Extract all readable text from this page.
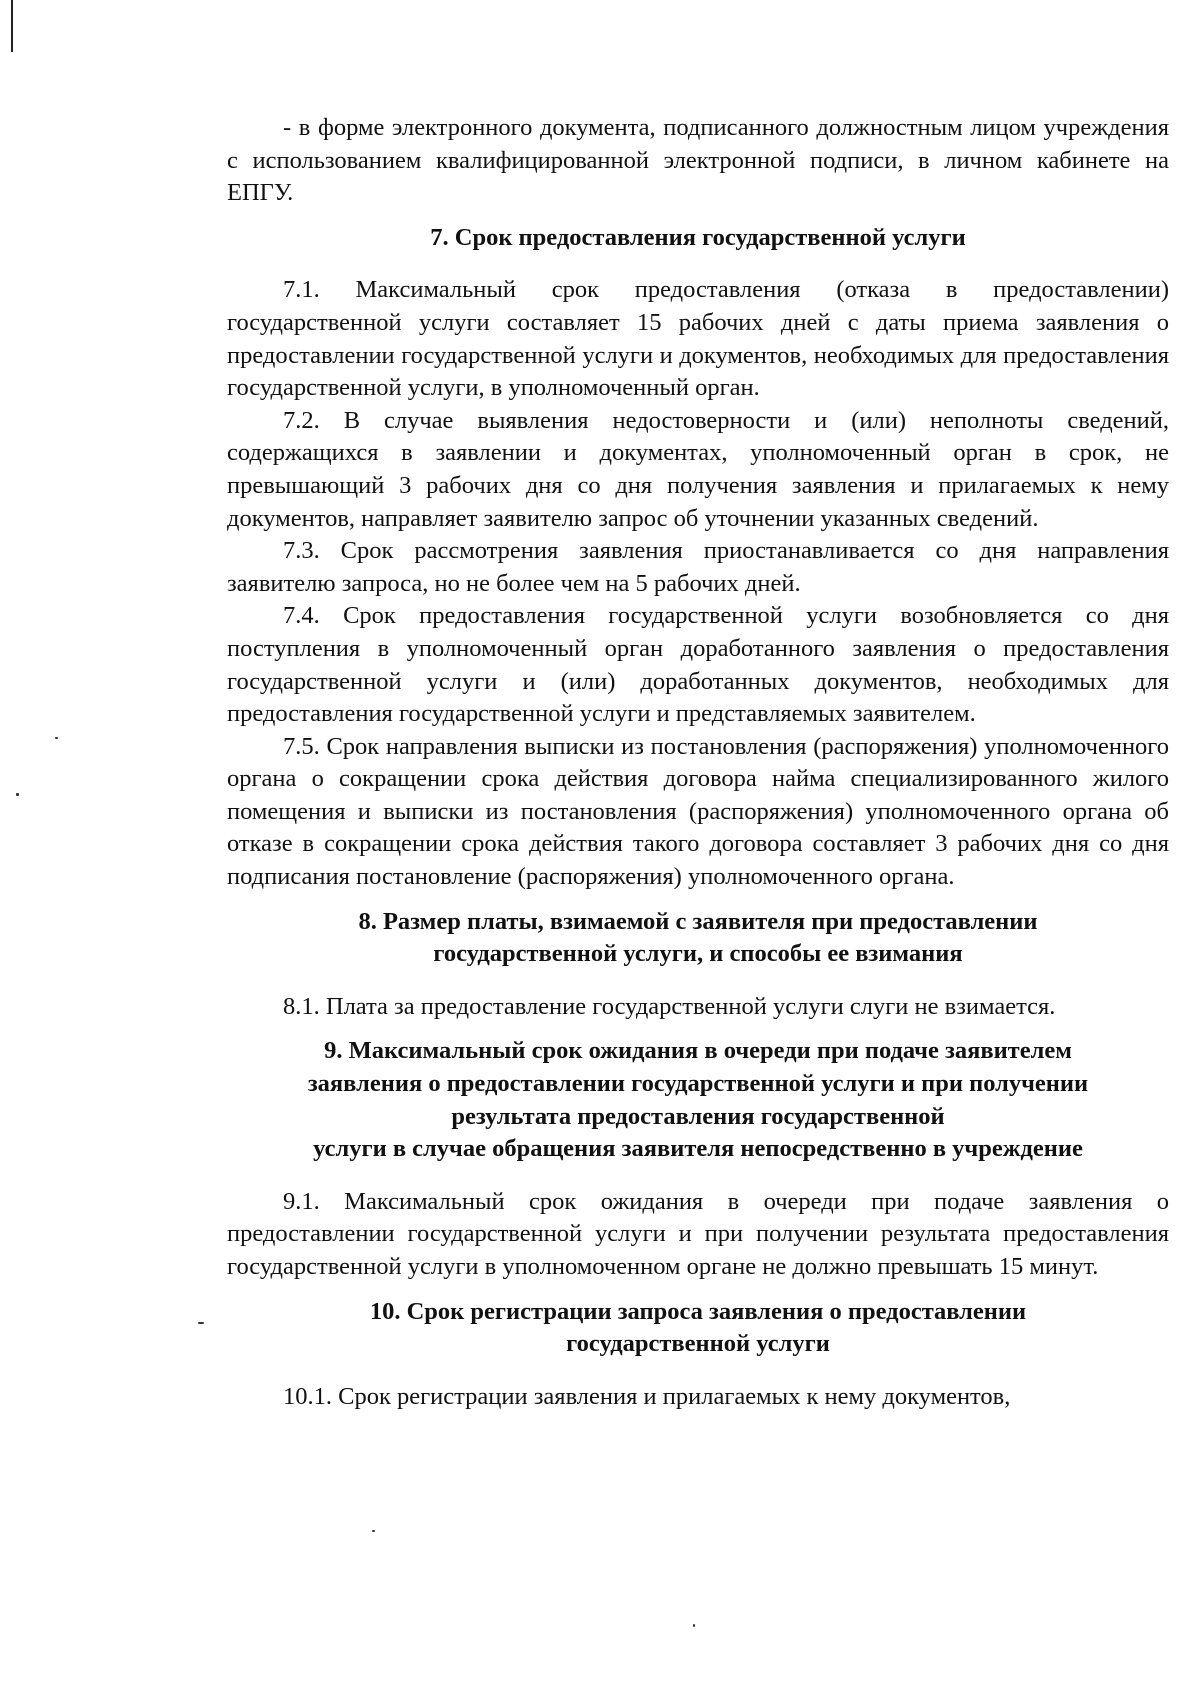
- в форме электронного документа, подписанного должностным лицом учреждения с использованием квалифицированной электронной подписи, в личном кабинете на ЕПГУ.

7. Срок предоставления государственной услуги

7.1. Максимальный срок предоставления (отказа в предоставлении) государственной услуги составляет 15 рабочих дней с даты приема заявления о предоставлении государственной услуги и документов, необходимых для предоставления государственной услуги, в уполномоченный орган.

7.2. В случае выявления недостоверности и (или) неполноты сведений, содержащихся в заявлении и документах, уполномоченный орган в срок, не превышающий 3 рабочих дня со дня получения заявления и прилагаемых к нему документов, направляет заявителю запрос об уточнении указанных сведений.

7.3. Срок рассмотрения заявления приостанавливается со дня направления заявителю запроса, но не более чем на 5 рабочих дней.

7.4. Срок предоставления государственной услуги возобновляется со дня поступления в уполномоченный орган доработанного заявления о предоставления государственной услуги и (или) доработанных документов, необходимых для предоставления государственной услуги и представляемых заявителем.

7.5. Срок направления выписки из постановления (распоряжения) уполномоченного органа о сокращении срока действия договора найма специализированного жилого помещения и выписки из постановления (распоряжения) уполномоченного органа об отказе в сокращении срока действия такого договора составляет 3 рабочих дня со дня подписания постановление (распоряжения) уполномоченного органа.

8. Размер платы, взимаемой с заявителя при предоставлении

государственной услуги, и способы ее взимания

8.1. Плата за предоставление государственной услуги слуги не взимается.

9. Максимальный срок ожидания в очереди при подаче заявителем

заявления о предоставлении государственной услуги и при получении

результата предоставления государственной

услуги в случае обращения заявителя непосредственно в учреждение

9.1. Максимальный срок ожидания в очереди при подаче заявления о предоставлении государственной услуги и при получении результата предоставления государственной услуги в уполномоченном органе не должно превышать 15 минут.

10. Срок регистрации запроса заявления о предоставлении

государственной услуги

10.1. Срок регистрации заявления и прилагаемых к нему документов,
